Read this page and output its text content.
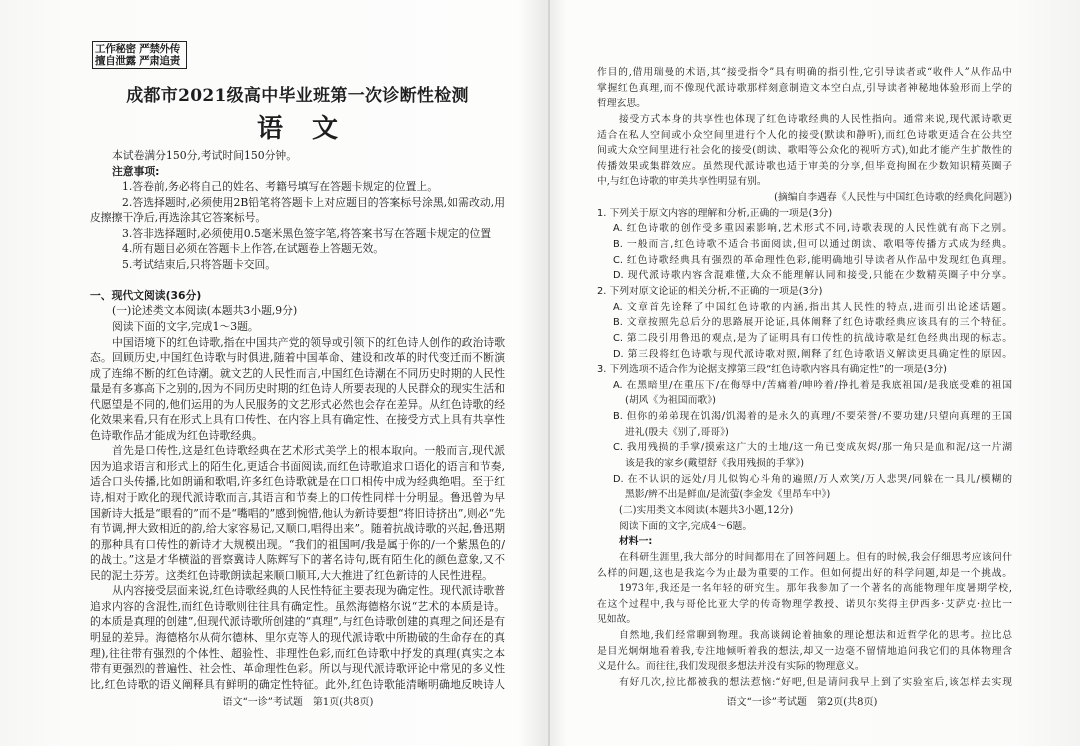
工作秘密 严禁外传
擅自泄露 严肃追责
成都市2021级高中毕业班第一次诊断性检测
语 文
本试卷满分150分,考试时间150分钟。
注意事项:
1.答卷前,务必将自己的姓名、考籍号填写在答题卡规定的位置上。
2.答选择题时,必须使用2B铅笔将答题卡上对应题目的答案标号涂黑,如需改动,用
皮擦擦干净后,再选涂其它答案标号。
3.答非选择题时,必须使用0.5毫米黑色签字笔,将答案书写在答题卡规定的位置
4.所有题目必须在答题卡上作答,在试题卷上答题无效。
5.考试结束后,只将答题卡交回。
一、现代文阅读(36分)
(一)论述类文本阅读(本题共3小题,9分)
阅读下面的文字,完成1～3题。
中国语境下的红色诗歌,指在中国共产党的领导或引领下的红色诗人创作的政治诗歌
态。回顾历史,中国红色诗歌与时俱进,随着中国革命、建设和改革的时代变迁而不断演
成了连绵不断的红色诗潮。就文艺的人民性而言,中国红色诗潮在不同历史时期的人民性
量是有多寡高下之别的,因为不同历史时期的红色诗人所要表现的人民群众的现实生活和
代愿望是不同的,他们运用的为人民服务的文艺形式必然也会存在差异。从红色诗歌的经
化效果来看,只有在形式上具有口传性、在内容上具有确定性、在接受方式上具有共享性
色诗歌作品才能成为红色诗歌经典。
首先是口传性,这是红色诗歌经典在艺术形式美学上的根本取向。一般而言,现代派
因为追求语言和形式上的陌生化,更适合书面阅读,而红色诗歌追求口语化的语言和节奏,
适合口头传播,比如朗诵和歌唱,许多红色诗歌就是在口口相传中成为经典绝唱。至于红
诗,相对于欧化的现代派诗歌而言,其语言和节奏上的口传性同样十分明显。鲁迅曾为早
国新诗大抵是“眼看的”而不是“嘴唱的”感到惋惜,他认为新诗要想“将旧诗挤出”,则必“先
有节调,押大致相近的韵,给大家容易记,又顺口,唱得出来”。随着抗战诗歌的兴起,鲁迅期
的那种具有口传性的新诗才大规模出现。“我们的祖国呵/我是属于你的/一个紫黑色的/
的战士。”这是才华横溢的晋察冀诗人陈辉写下的著名诗句,既有陌生化的颜色意象,又不
民的泥土芬芳。这类红色诗歌朗读起来顺口顺耳,大大推进了红色新诗的人民性进程。
从内容接受层面来说,红色诗歌经典的人民性特征主要表现为确定性。现代派诗歌普
追求内容的含混性,而红色诗歌则往往具有确定性。虽然海德格尔说“艺术的本质是诗。
的本质是真理的创建”,但现代派诗歌所创建的“真理”,与红色诗歌创建的真理之间还是有
明显的差异。海德格尔从荷尔德林、里尔克等人的现代派诗歌中所勘破的生命存在的真
理),往往带有强烈的个体性、超验性、非理性色彩,而红色诗歌中抒发的真理(真实之本
带有更强烈的普遍性、社会性、革命理性色彩。所以与现代派诗歌评论中常见的多义性
比,红色诗歌的语义阐释具有鲜明的确定性特征。此外,红色诗歌能清晰明确地反映诗人
作目的,借用瑞曼的术语,其“接受指令”具有明确的指引性,它引导读者或“收件人”从作品中
掌握红色真理,而不像现代派诗歌那样刻意制造文本空白点,引导读者神秘地体验形而上学的
哲理玄思。
接受方式本身的共享性也体现了红色诗歌经典的人民性指向。通常来说,现代派诗歌更
适合在私人空间或小众空间里进行个人化的接受(默读和静听),而红色诗歌更适合在公共空
间或大众空间里进行社会化的接受(朗读、歌唱等公众化的视听方式),如此才能产生扩散性的
传播效果或集群效应。虽然现代派诗歌也适于审美的分享,但毕竟拘囿在少数知识精英圈子
中,与红色诗歌的审美共享性明显有别。
(摘编自李遇春《人民性与中国红色诗歌的经典化问题》)
1. 下列关于原文内容的理解和分析,正确的一项是(3分)
A. 红色诗歌的创作受多重因素影响,艺术形式不同,诗歌表现的人民性就有高下之别。
B. 一般而言,红色诗歌不适合书面阅读,但可以通过朗读、歌唱等传播方式成为经典。
C. 红色诗歌经典具有强烈的革命理性色彩,能明确地引导读者从作品中发现红色真理。
D. 现代派诗歌内容含混难懂,大众不能理解认同和接受,只能在少数精英圈子中分享。
2. 下列对原文论证的相关分析,不正确的一项是(3分)
A. 文章首先诠释了中国红色诗歌的内涵,指出其人民性的特点,进而引出论述话题。
B. 文章按照先总后分的思路展开论证,具体阐释了红色诗歌经典应该具有的三个特征。
C. 第二段引用鲁迅的观点,是为了证明具有口传性的抗战诗歌是红色经典出现的标志。
D. 第三段将红色诗歌与现代派诗歌对照,阐释了红色诗歌语义解读更具确定性的原因。
3. 下列选项不适合作为论据支撑第三段“红色诗歌内容具有确定性”的一项是(3分)
A. 在黑暗里/在重压下/在侮辱中/苦痛着/呻吟着/挣扎着是我底祖国/是我底受难的祖国
(胡风《为祖国而歌》)
B. 但你的弟弟现在饥渴/饥渴着的是永久的真理/不要荣誉/不要功建/只望向真理的王国
进礼(殷夫《别了,哥哥》)
C. 我用残损的手掌/摸索这广大的土地/这一角已变成灰烬/那一角只是血和泥/这一片湖
该是我的家乡(戴望舒《我用残损的手掌》)
D. 在不认识的远处/月儿似钩心斗角的遍照/万人欢笑/万人悲哭/同躲在一具儿/模糊的
黑影/辨不出是鲜血/是流萤(李金发《里昂车中》)
(二)实用类文本阅读(本题共3小题,12分)
阅读下面的文字,完成4～6题。
材料一:
在科研生涯里,我大部分的时间都用在了回答问题上。但有的时候,我会仔细思考应该问什
么样的问题,这也是我迄今为止最为重要的工作。但如何提出好的科学问题,却是一个挑战。
1973年,我还是一名年轻的研究生。那年我参加了一个著名的高能物理年度暑期学校,
在这个过程中,我与哥伦比亚大学的传奇物理学教授、诺贝尔奖得主伊西多·艾萨克·拉比一
见如故。
自然地,我们经常聊到物理。我高谈阔论着抽象的理论想法和近哲学化的思考。拉比总
是目光炯炯地看着我,专注地倾听着我的想法,却又一边毫不留情地追问我它们的具体物理含
义是什么。而往往,我们发现很多想法并没有实际的物理意义。
有好几次,拉比都被我的想法惹恼:“好吧,但是请问我早上到了实验室后,该怎样去实现
语文“一诊”考试题　第1页(共8页)	语文“一诊”考试题　第2页(共8页)
